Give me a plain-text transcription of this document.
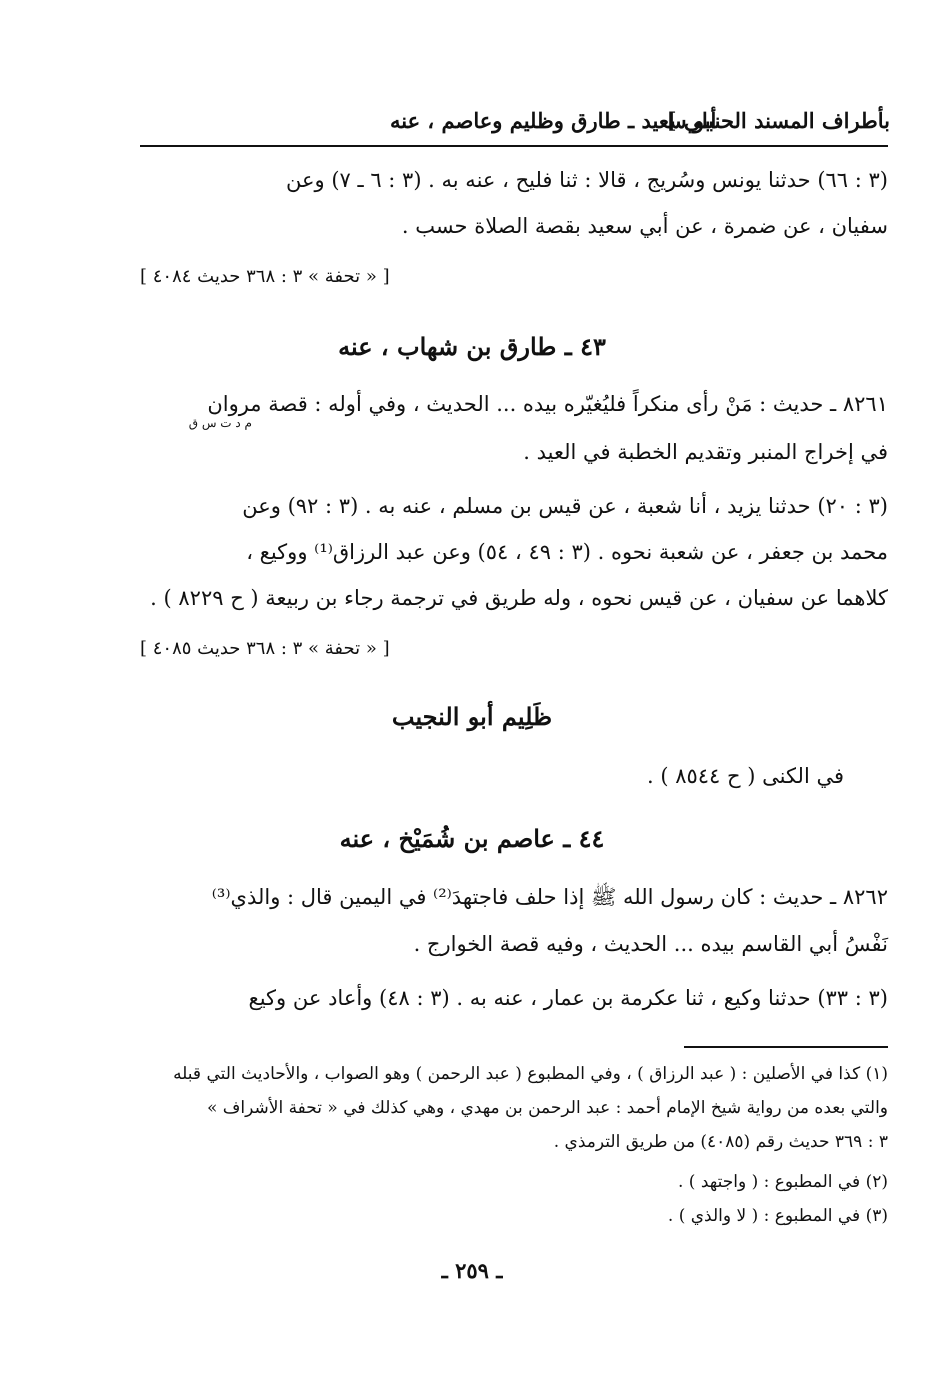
بأطراف المسند الحنبلي ]
أبو سعيد ـ طارق وظليم وعاصم ، عنه
(٣ : ٦٦) حدثنا يونس وسُريج ، قالا : ثنا فليح ، عنه به . (٣ : ٦ ـ ٧) وعن
سفيان ، عن ضمرة ، عن أبي سعيد بقصة الصلاة حسب .
[ « تحفة » ٣ : ٣٦٨ حديث ٤٠٨٤ ]
٤٣ ـ طارق بن شهاب ، عنه
٨٢٦١ ـ حديث : مَنْ رأى منكراً فليُغيّره بيده ... الحديث ، وفي أوله : قصة مروان
م د ت س ق
في إخراج المنبر وتقديم الخطبة في العيد .
(٣ : ٢٠) حدثنا يزيد ، أنا شعبة ، عن قيس بن مسلم ، عنه به . (٣ : ٩٢) وعن
محمد بن جعفر ، عن شعبة نحوه . (٣ : ٤٩ ، ٥٤) وعن عبد الرزاق⁽¹⁾ ووكيع ،
كلاهما عن سفيان ، عن قيس نحوه ، وله طريق في ترجمة رجاء بن ربيعة ( ح ٨٢٢٩ ) .
[ « تحفة » ٣ : ٣٦٨ حديث ٤٠٨٥ ]
ظَلِيم أبو النجيب
في الكنى ( ح ٨٥٤٤ ) .
٤٤ ـ عاصم بن شُمَيْخ ، عنه
٨٢٦٢ ـ حديث : كان رسول الله ﷺ إذا حلف فاجتهدَ⁽²⁾ في اليمين قال : والذي⁽³⁾
نَفْسُ أبي القاسم بيده ... الحديث ، وفيه قصة الخوارج .
(٣ : ٣٣) حدثنا وكيع ، ثنا عكرمة بن عمار ، عنه به . (٣ : ٤٨) وأعاد عن وكيع
(١) كذا في الأصلين : ( عبد الرزاق ) ، وفي المطبوع ( عبد الرحمن ) وهو الصواب ، والأحاديث التي قبله
والتي بعده من رواية شيخ الإمام أحمد : عبد الرحمن بن مهدي ، وهي كذلك في « تحفة الأشراف »
٣ : ٣٦٩ حديث رقم (٤٠٨٥) من طريق الترمذي .
(٢) في المطبوع : ( واجتهد ) .
(٣) في المطبوع : ( لا والذي ) .
ـ ٢٥٩ ـ
